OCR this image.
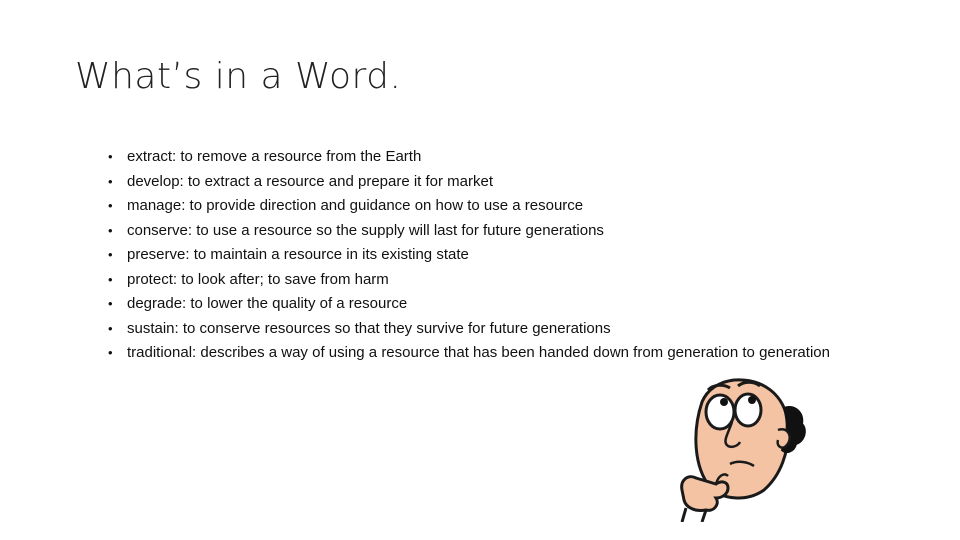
What’s in a Word.
• extract: to remove a resource from the Earth
• develop: to extract a resource and prepare it for market
• manage: to provide direction and guidance on how to use a resource
• conserve: to use a resource so the supply will last for future generations
• preserve: to maintain a resource in its existing state
• protect: to look after; to save from harm
• degrade: to lower the quality of a resource
• sustain: to conserve resources so that they survive for future generations
• traditional: describes a way of using a resource that has been handed down from generation to generation
